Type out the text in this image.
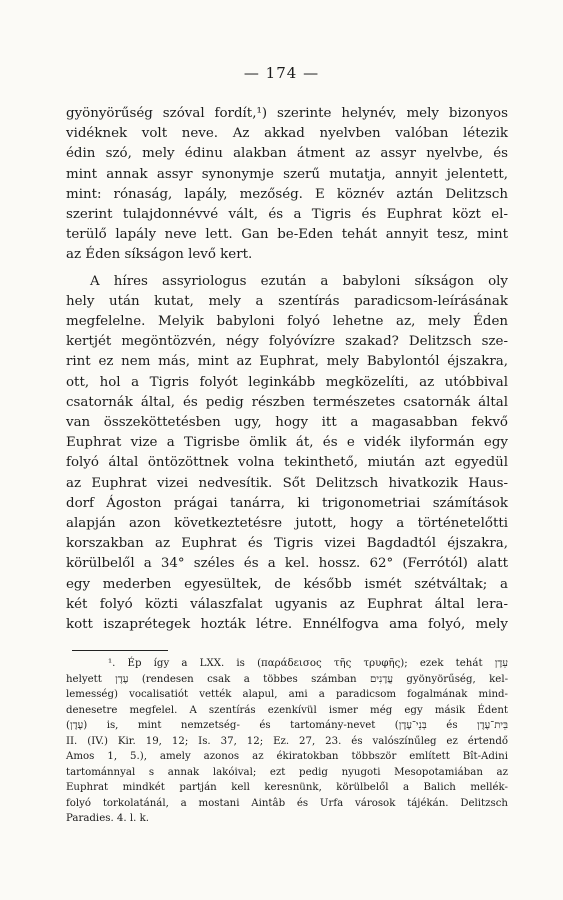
— 174 —
gyönyörűség szóval fordít,¹) szerinte helynév, mely bizonyos
vidéknek volt neve. Az akkad nyelvben valóban létezik
édin szó, mely édinu alakban átment az assyr nyelvbe, és
mint annak assyr synonymje szerű mutatja, annyit jelentett,
mint: rónaság, lapály, mezőség. E köznév aztán Delitzsch
szerint tulajdonnévvé vált, és a Tigris és Euphrat közt el-
terülő lapály neve lett. Gan be-Eden tehát annyit tesz, mint
az Éden síkságon levő kert.
A híres assyriologus ezután a babyloni síkságon oly
hely után kutat, mely a szentírás paradicsom-leírásának
megfelelne. Melyik babyloni folyó lehetne az, mely Éden
kertjét megöntözvén, négy folyóvízre szakad? Delitzsch sze-
rint ez nem más, mint az Euphrat, mely Babylontól éjszakra,
ott, hol a Tigris folyót leginkább megközelíti, az utóbbival
csatornák által, és pedig részben természetes csatornák által
van összeköttetésben ugy, hogy itt a magasabban fekvő
Euphrat vize a Tigrisbe ömlik át, és e vidék ilyformán egy
folyó által öntözöttnek volna tekinthető, miután azt egyedül
az Euphrat vizei nedvesítik. Sőt Delitzsch hivatkozik Haus-
dorf Ágoston prágai tanárra, ki trigonometriai számítások
alapján azon következtetésre jutott, hogy a történetelőtti
korszakban az Euphrat és Tigris vizei Bagdadtól éjszakra,
körülbelől a 34° széles és a kel. hossz. 62° (Ferrótól) alatt
egy mederben egyesültek, de később ismét szétváltak; a
két folyó közti válaszfalat ugyanis az Euphrat által lera-
kott iszaprétegek hozták létre. Ennélfogva ama folyó, mely
¹. Ép így a LXX. is (παράδεισος τῆς τρυφῆς); ezek tehát עֵדֶן
helyett עֶדֶן (rendesen csak a többes számban עֲדָנִים gyönyörűség, kel-
lemesség) vocalisatiót vették alapul, ami a paradicsom fogalmának mind-
denesetre megfelel. A szentírás ezenkívül ismer még egy másik Édent
(עֶדֶן) is, mint nemzetség- és tartomány-nevet (בְּנֵי־עֶדֶן és בֵּית־עֶדֶן
II. (IV.) Kir. 19, 12; Is. 37, 12; Ez. 27, 23. és valószínűleg ez értendő
Amos 1, 5.), amely azonos az ékiratokban többször említett Bît-Adini
tartománnyal s annak lakóival; ezt pedig nyugoti Mesopotamiában az
Euphrat mindkét partján kell keresnünk, körülbelől a Balich mellék-
folyó torkolatánál, a mostani Aintâb és Urfa városok tájékán. Delitzsch
Paradies. 4. l. k.
